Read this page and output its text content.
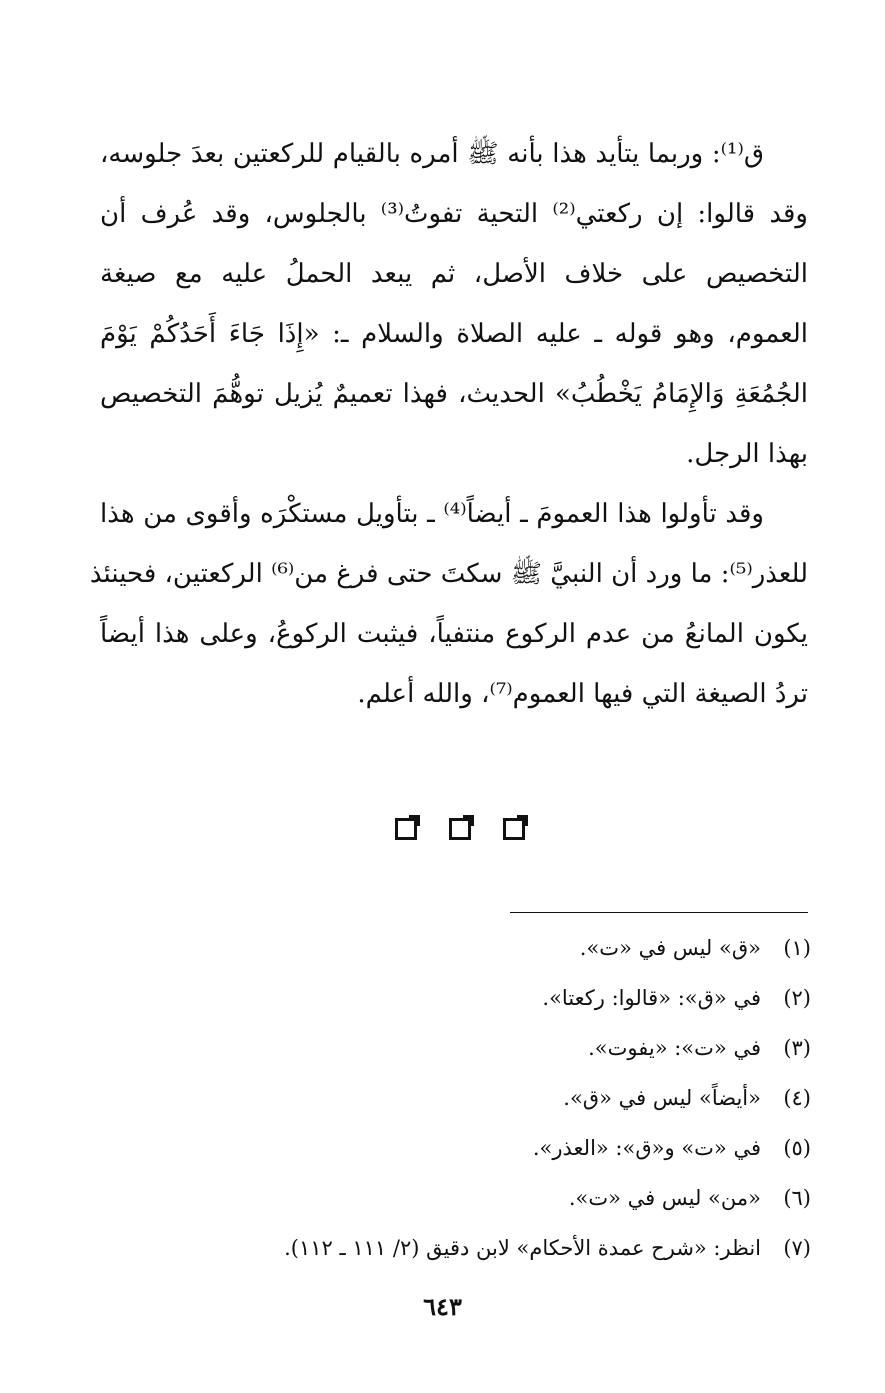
ق⁽¹⁾: وربما يتأيد هذا بأنه ﷺ أمره بالقيام للركعتين بعدَ جلوسه،
وقد قالوا: إن ركعتي⁽²⁾ التحية تفوتُ⁽³⁾ بالجلوس، وقد عُرف أن
التخصيص على خلاف الأصل، ثم يبعد الحملُ عليه مع صيغة
العموم، وهو قوله ـ عليه الصلاة والسلام ـ: «إِذَا جَاءَ أَحَدُكُمْ يَوْمَ
الجُمُعَةِ وَالإِمَامُ يَخْطُبُ» الحديث، فهذا تعميمٌ يُزيل توهُّمَ التخصيص
بهذا الرجل.
وقد تأولوا هذا العمومَ ـ أيضاً⁽⁴⁾ ـ بتأويل مستكْرَه وأقوى من هذا
للعذر⁽⁵⁾: ما ورد أن النبيَّ ﷺ سكتَ حتى فرغ من⁽⁶⁾ الركعتين، فحينئذ
يكون المانعُ من عدم الركوع منتفياً، فيثبت الركوعُ، وعلى هذا أيضاً
تردُ الصيغة التي فيها العموم⁽⁷⁾، والله أعلم.
(١)
«ق» ليس في «ت».
(٢)
في «ق»: «قالوا: ركعتا».
(٣)
في «ت»: «يفوت».
(٤)
«أيضاً» ليس في «ق».
(٥)
في «ت» و«ق»: «العذر».
(٦)
«من» ليس في «ت».
(٧)
انظر: «شرح عمدة الأحكام» لابن دقيق (٢/ ١١١ ـ ١١٢).
٦٤٣
